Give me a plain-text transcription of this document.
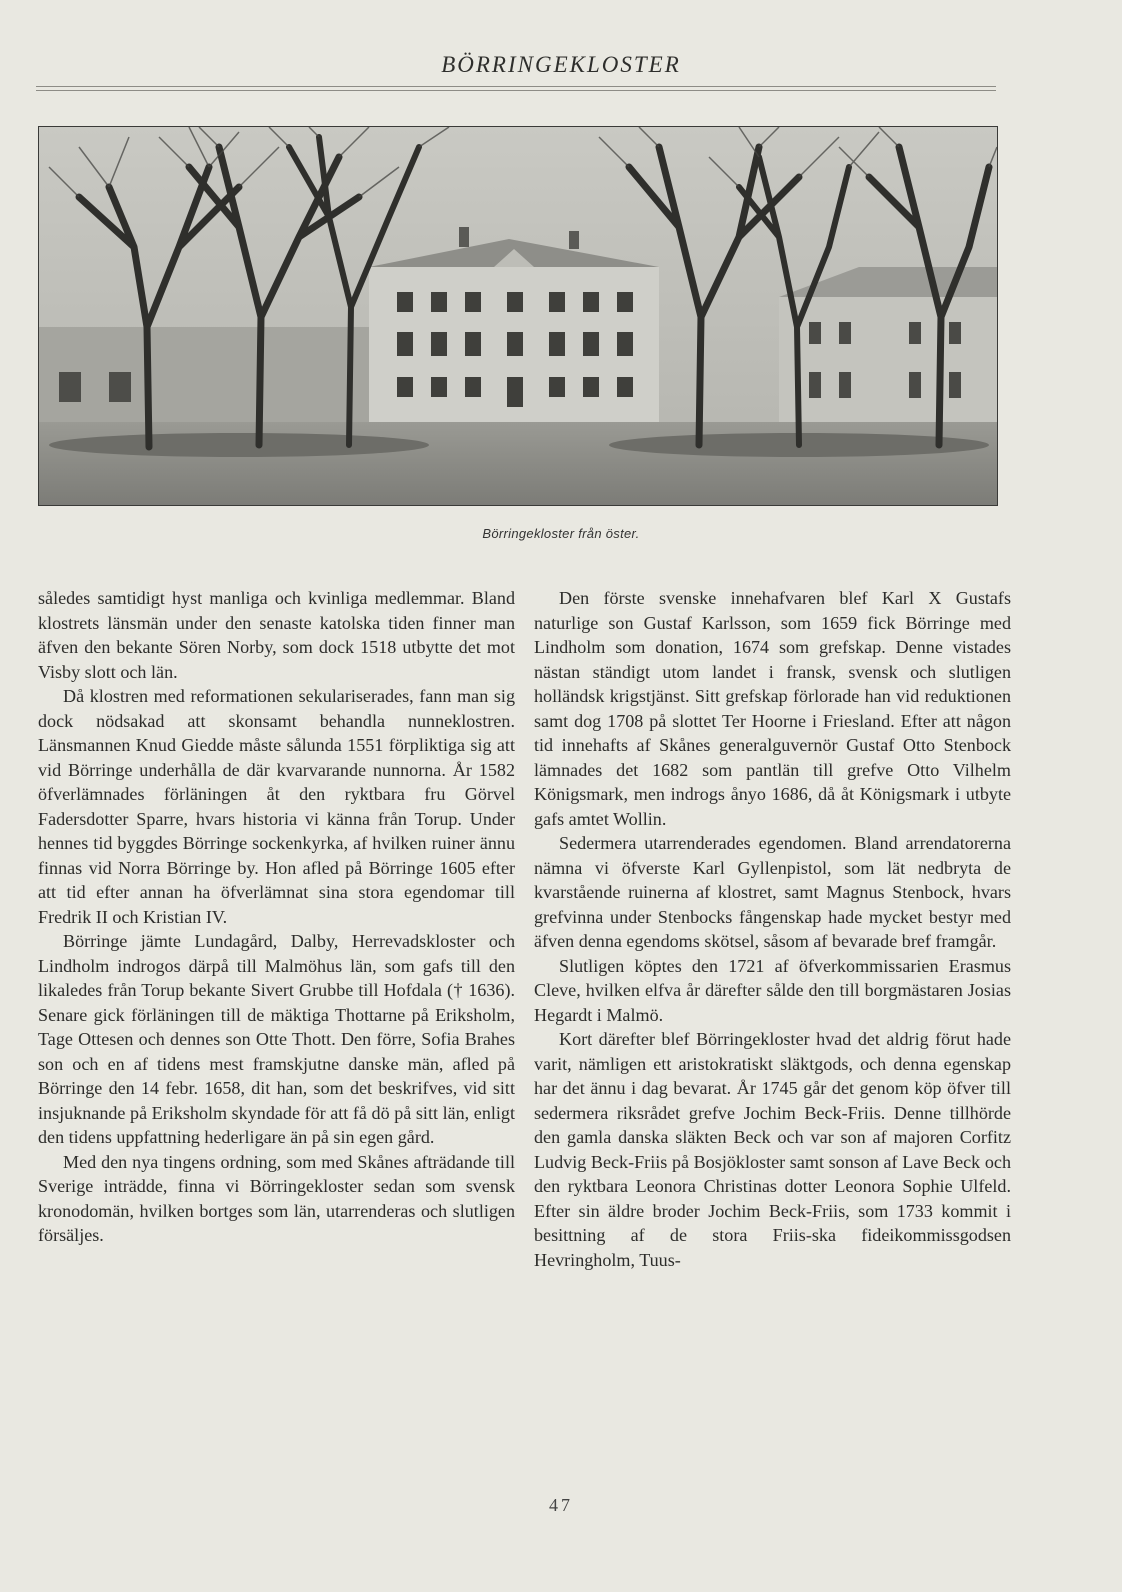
BÖRRINGEKLOSTER
Börringekloster från öster.

således samtidigt hyst manliga och kvinliga medlemmar. Bland klostrets länsmän under den senaste katolska tiden finner man äfven den bekante Sören Norby, som dock 1518 utbytte det mot Visby slott och län.

Då klostren med reformationen sekulariserades, fann man sig dock nödsakad att skonsamt behandla nunneklostren. Länsmannen Knud Giedde måste sålunda 1551 förpliktiga sig att vid Börringe underhålla de där kvarvarande nunnorna. År 1582 öfverlämnades förläningen åt den ryktbara fru Görvel Fadersdotter Sparre, hvars historia vi känna från Torup. Under hennes tid byggdes Börringe sockenkyrka, af hvilken ruiner ännu finnas vid Norra Börringe by. Hon afled på Börringe 1605 efter att tid efter annan ha öfverlämnat sina stora egendomar till Fredrik II och Kristian IV.

Börringe jämte Lundagård, Dalby, Herrevadskloster och Lindholm indrogos därpå till Malmöhus län, som gafs till den likaledes från Torup bekante Sivert Grubbe till Hofdala († 1636). Senare gick förläningen till de mäktiga Thottarne på Eriksholm, Tage Ottesen och dennes son Otte Thott. Den förre, Sofia Brahes son och en af tidens mest framskjutne danske män, afled på Börringe den 14 febr. 1658, dit han, som det beskrifves, vid sitt insjuknande på Eriksholm skyndade för att få dö på sitt län, enligt den tidens uppfattning hederligare än på sin egen gård.

Med den nya tingens ordning, som med Skånes afträdande till Sverige inträdde, finna vi Börringekloster sedan som svensk kronodomän, hvilken bortges som län, utarrenderas och slutligen försäljes.

Den förste svenske innehafvaren blef Karl X Gustafs naturlige son Gustaf Karlsson, som 1659 fick Börringe med Lindholm som donation, 1674 som grefskap. Denne vistades nästan ständigt utom landet i fransk, svensk och slutligen holländsk krigstjänst. Sitt grefskap förlorade han vid reduktionen samt dog 1708 på slottet Ter Hoorne i Friesland. Efter att någon tid innehafts af Skånes generalguvernör Gustaf Otto Stenbock lämnades det 1682 som pantlän till grefve Otto Vilhelm Königsmark, men indrogs ånyo 1686, då åt Königsmark i utbyte gafs amtet Wollin.

Sedermera utarrenderades egendomen. Bland arrendatorerna nämna vi öfverste Karl Gyllenpistol, som lät nedbryta de kvarstående ruinerna af klostret, samt Magnus Stenbock, hvars grefvinna under Stenbocks fångenskap hade mycket bestyr med äfven denna egendoms skötsel, såsom af bevarade bref framgår.

Slutligen köptes den 1721 af öfverkommissarien Erasmus Cleve, hvilken elfva år därefter sålde den till borgmästaren Josias Hegardt i Malmö.

Kort därefter blef Börringekloster hvad det aldrig förut hade varit, nämligen ett aristokratiskt släktgods, och denna egenskap har det ännu i dag bevarat. År 1745 går det genom köp öfver till sedermera riksrådet grefve Jochim Beck-Friis. Denne tillhörde den gamla danska släkten Beck och var son af majoren Corfitz Ludvig Beck-Friis på Bosjökloster samt sonson af Lave Beck och den ryktbara Leonora Christinas dotter Leonora Sophie Ulfeld. Efter sin äldre broder Jochim Beck-Friis, som 1733 kommit i besittning af de stora Friis-ska fideikommissgodsen Hevringholm, Tuus-

47
